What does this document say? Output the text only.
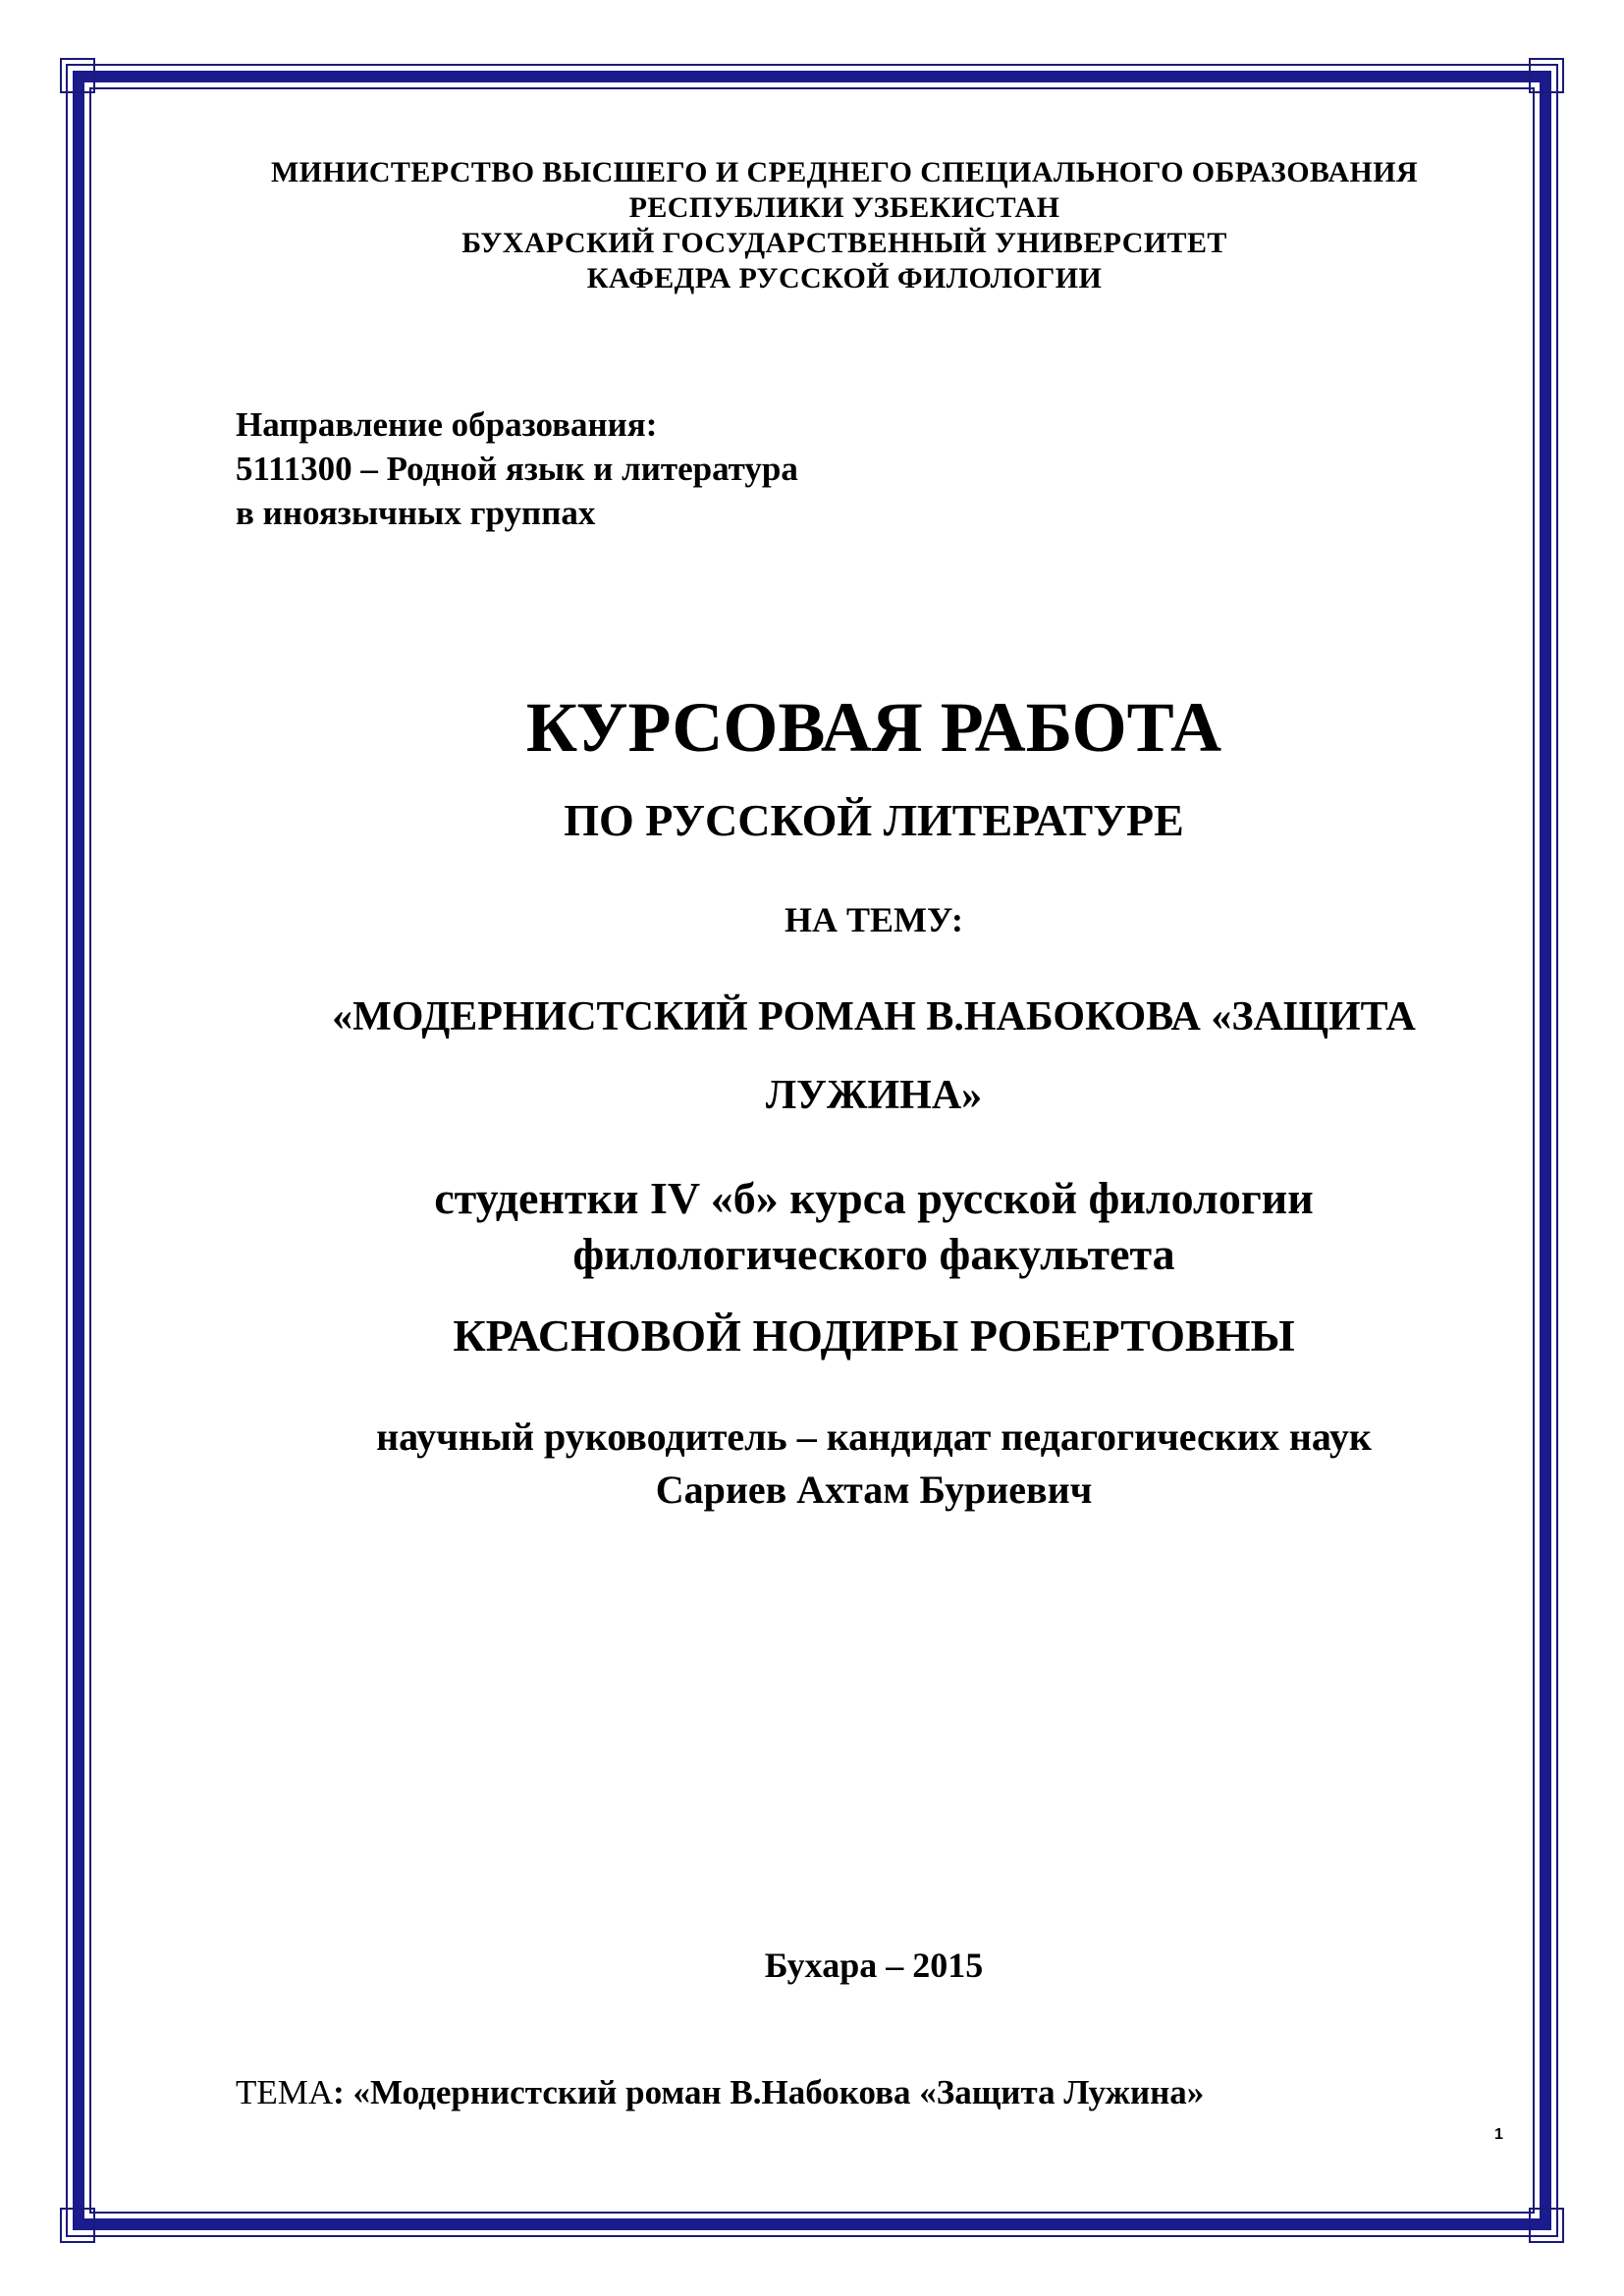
МИНИСТЕРСТВО ВЫСШЕГО И СРЕДНЕГО СПЕЦИАЛЬНОГО ОБРАЗОВАНИЯ
РЕСПУБЛИКИ УЗБЕКИСТАН
БУХАРСКИЙ ГОСУДАРСТВЕННЫЙ УНИВЕРСИТЕТ
КАФЕДРА РУССКОЙ ФИЛОЛОГИИ
Направление образования:
5111300 – Родной язык и литература
в иноязычных группах
КУРСОВАЯ РАБОТА
ПО РУССКОЙ ЛИТЕРАТУРЕ
НА ТЕМУ:
«МОДЕРНИСТСКИЙ РОМАН В.НАБОКОВА «ЗАЩИТА
ЛУЖИНА»
студентки IV «б» курса русской филологии
филологического факультета
КРАСНОВОЙ НОДИРЫ РОБЕРТОВНЫ
научный руководитель – кандидат педагогических наук
Сариев Ахтам Буриевич
Бухара – 2015
ТЕМА: «Модернистский роман В.Набокова «Защита Лужина»
1
